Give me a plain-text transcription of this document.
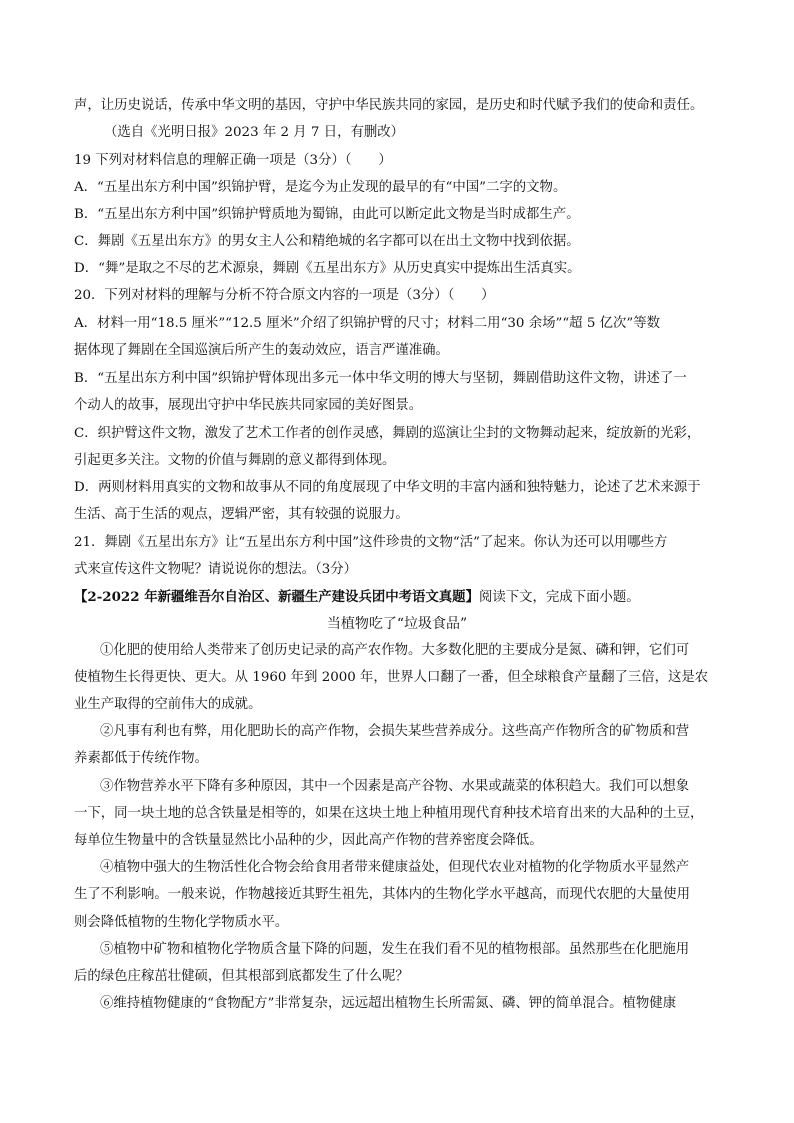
声，让历史说话，传承中华文明的基因，守护中华民族共同的家园，是历史和时代赋予我们的使命和责任。
（选自《光明日报》2023 年 2 月 7 日，有删改）
19 下列对材料信息的理解正确一项是（3分）（　　）
A．“五星出东方利中国”织锦护臂，是迄今为止发现的最早的有“中国”二字的文物。
B．“五星出东方利中国”织锦护臂质地为蜀锦，由此可以断定此文物是当时成都生产。
C．舞剧《五星出东方》的男女主人公和精绝城的名字都可以在出土文物中找到依据。
D．“舞”是取之不尽的艺术源泉，舞剧《五星出东方》从历史真实中提炼出生活真实。
20．下列对材料的理解与分析不符合原文内容的一项是（3分）（　　）
A．材料一用“18.5 厘米”“12.5 厘米”介绍了织锦护臂的尺寸；材料二用“30 余场”“超 5 亿次”等数
据体现了舞剧在全国巡演后所产生的轰动效应，语言严谨准确。
B．“五星出东方利中国”织锦护臂体现出多元一体中华文明的博大与坚韧，舞剧借助这件文物，讲述了一
个动人的故事，展现出守护中华民族共同家园的美好图景。
C．织护臂这件文物，激发了艺术工作者的创作灵感，舞剧的巡演让尘封的文物舞动起来，绽放新的光彩，
引起更多关注。文物的价值与舞剧的意义都得到体现。
D．两则材料用真实的文物和故事从不同的角度展现了中华文明的丰富内涵和独特魅力，论述了艺术来源于
生活、高于生活的观点，逻辑严密，其有较强的说服力。
21．舞剧《五星出东方》让“五星出东方利中国”这件珍贵的文物“活”了起来。你认为还可以用哪些方
式来宣传这件文物呢？请说说你的想法。（3分）
【2-2022 年新疆维吾尔自治区、新疆生产建设兵团中考语文真题】阅读下文，完成下面小题。
当植物吃了“垃圾食品”
①化肥的使用给人类带来了创历史记录的高产农作物。大多数化肥的主要成分是氮、磷和钾，它们可
使植物生长得更快、更大。从 1960 年到 2000 年，世界人口翻了一番，但全球粮食产量翻了三倍，这是农
业生产取得的空前伟大的成就。
②凡事有利也有弊，用化肥助长的高产作物，会损失某些营养成分。这些高产作物所含的矿物质和营
养素都低于传统作物。
③作物营养水平下降有多种原因，其中一个因素是高产谷物、水果或蔬菜的体积趋大。我们可以想象
一下，同一块土地的总含铁量是相等的，如果在这块土地上种植用现代育种技术培育出来的大品种的土豆，
每单位生物量中的含铁量显然比小品种的少，因此高产作物的营养密度会降低。
④植物中强大的生物活性化合物会给食用者带来健康益处，但现代农业对植物的化学物质水平显然产
生了不利影响。一般来说，作物越接近其野生祖先，其体内的生物化学水平越高，而现代农肥的大量使用
则会降低植物的生物化学物质水平。
⑤植物中矿物和植物化学物质含量下降的问题，发生在我们看不见的植物根部。虽然那些在化肥施用
后的绿色庄稼茁壮健硕，但其根部到底都发生了什么呢？
⑥维持植物健康的“食物配方”非常复杂，远远超出植物生长所需氮、磷、钾的简单混合。植物健康
